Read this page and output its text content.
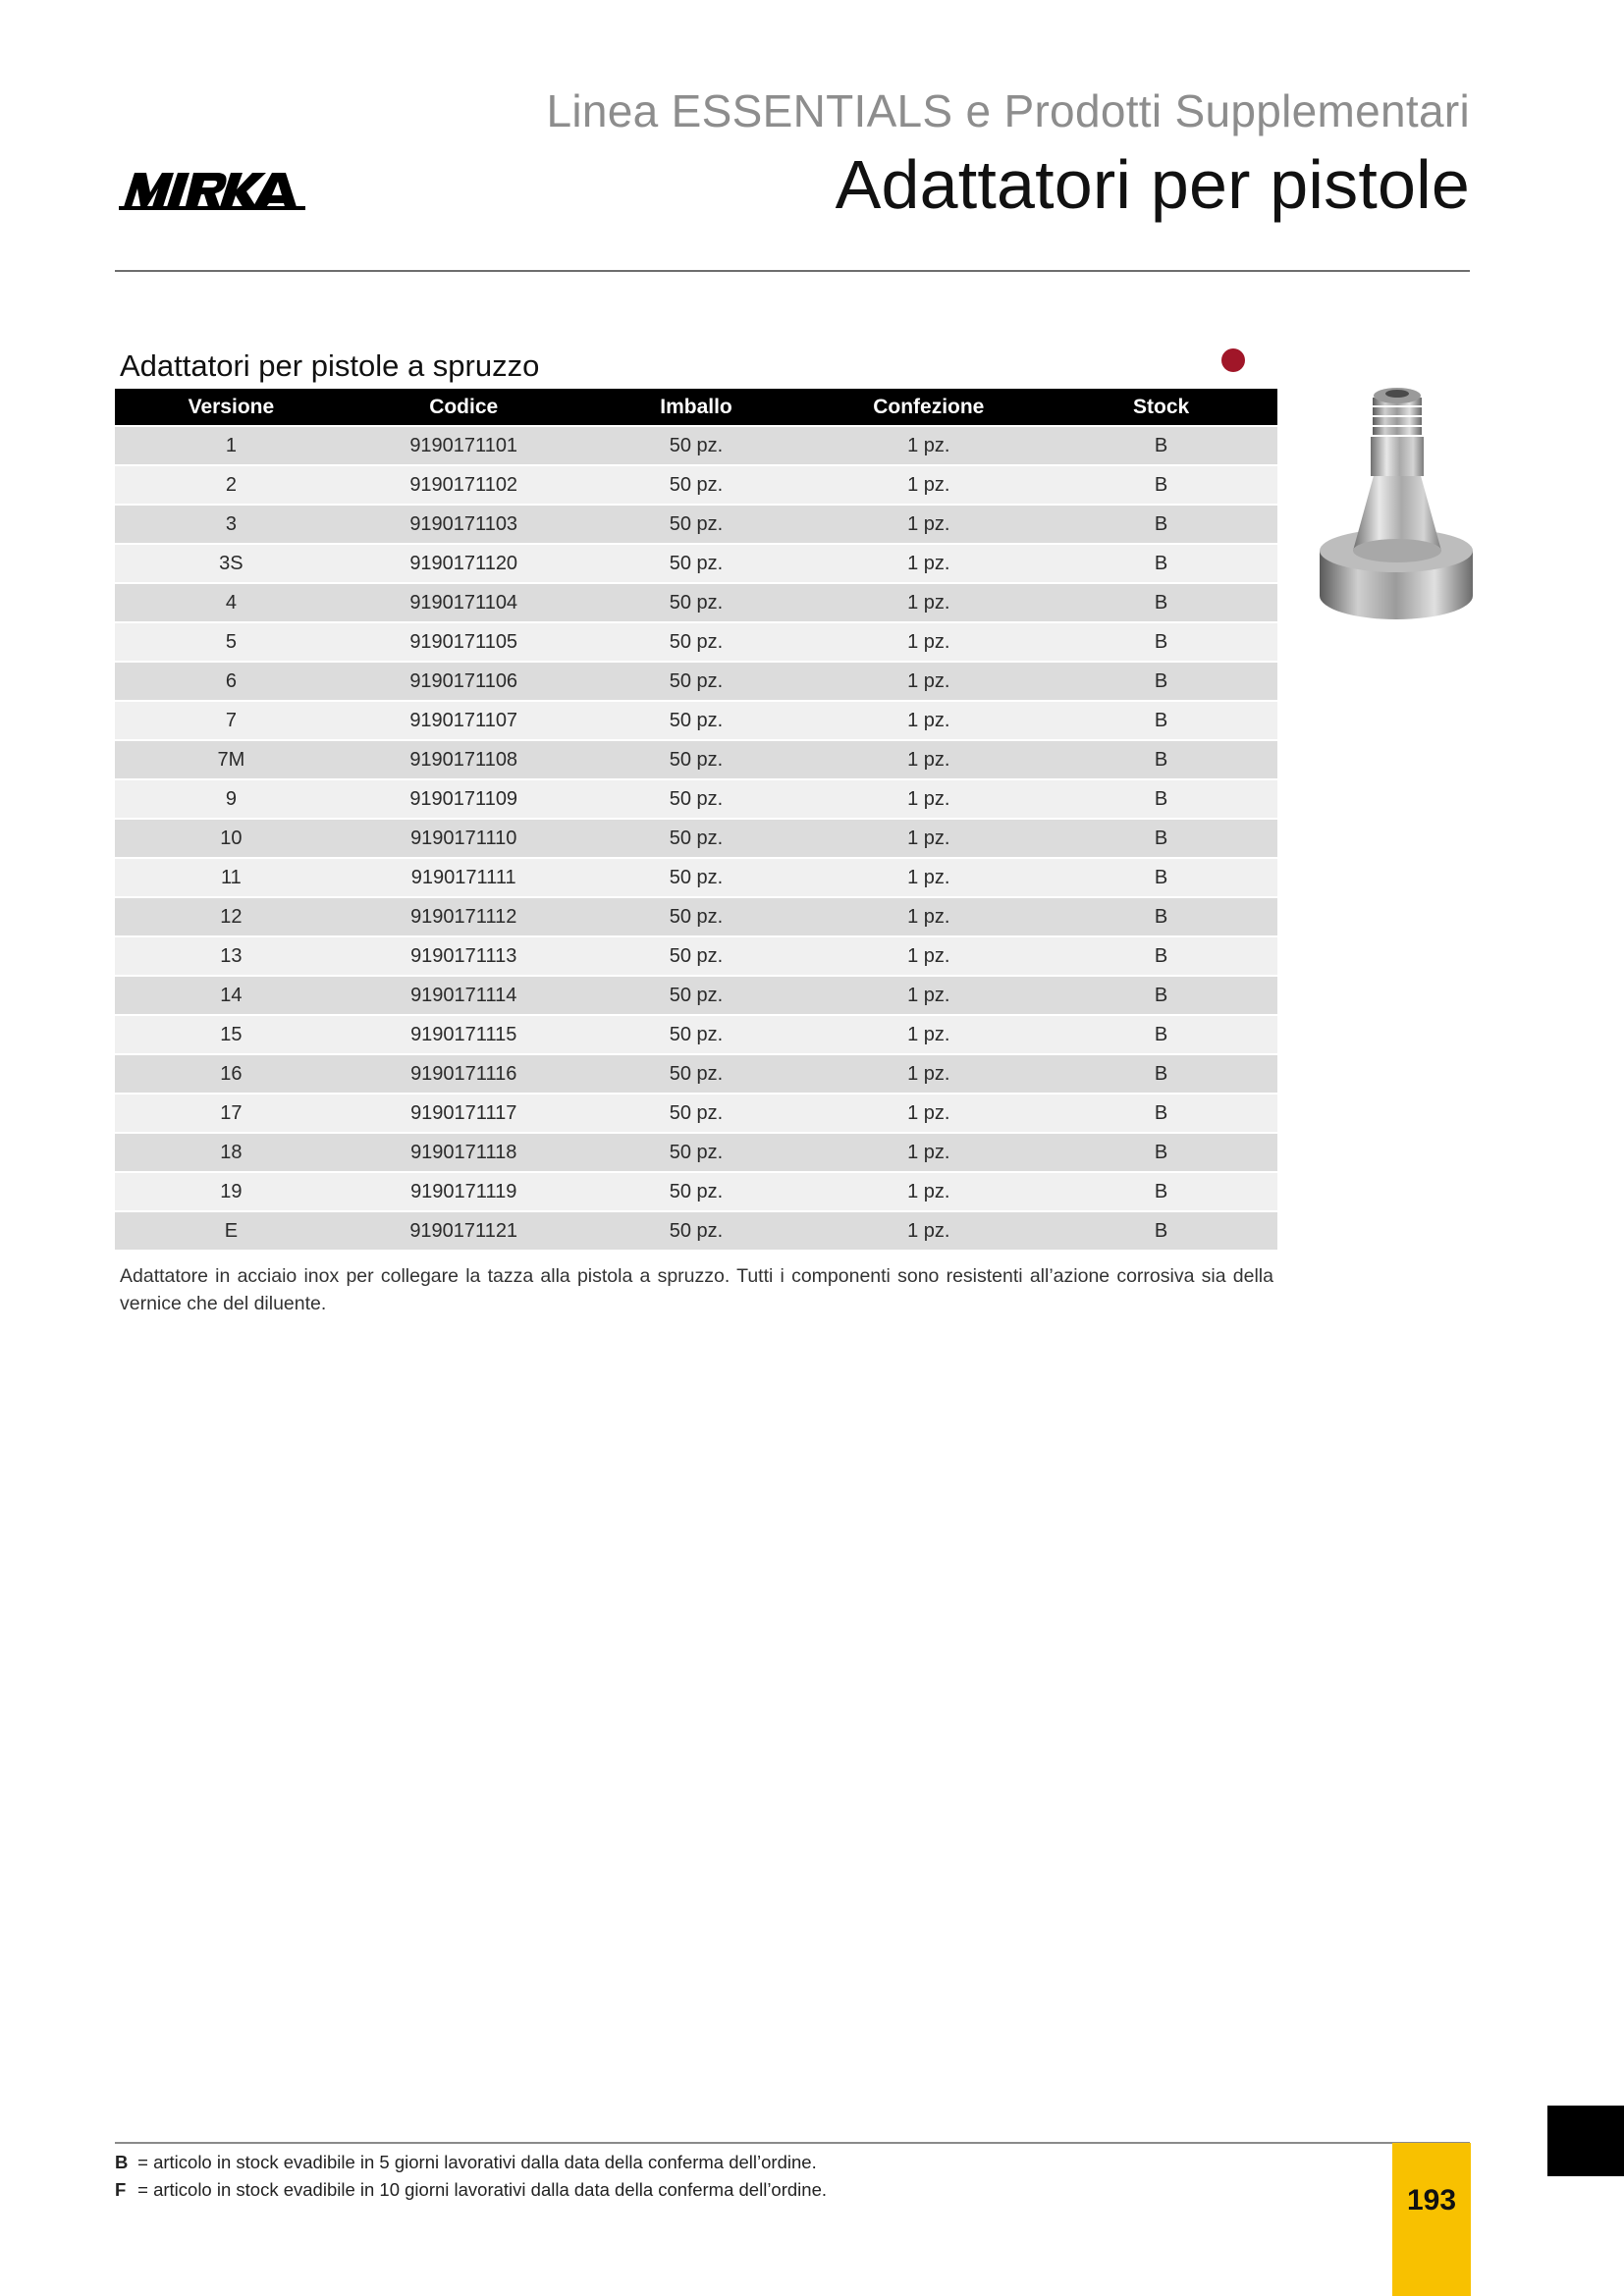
Linea ESSENTIALS e Prodotti Supplementari
Adattatori per pistole
Adattatori per pistole a spruzzo
Versione	Codice	Imballo	Confezione	Stock
1	9190171101	50 pz.	1 pz.	B
2	9190171102	50 pz.	1 pz.	B
3	9190171103	50 pz.	1 pz.	B
3S	9190171120	50 pz.	1 pz.	B
4	9190171104	50 pz.	1 pz.	B
5	9190171105	50 pz.	1 pz.	B
6	9190171106	50 pz.	1 pz.	B
7	9190171107	50 pz.	1 pz.	B
7M	9190171108	50 pz.	1 pz.	B
9	9190171109	50 pz.	1 pz.	B
10	9190171110	50 pz.	1 pz.	B
11	9190171111	50 pz.	1 pz.	B
12	9190171112	50 pz.	1 pz.	B
13	9190171113	50 pz.	1 pz.	B
14	9190171114	50 pz.	1 pz.	B
15	9190171115	50 pz.	1 pz.	B
16	9190171116	50 pz.	1 pz.	B
17	9190171117	50 pz.	1 pz.	B
18	9190171118	50 pz.	1 pz.	B
19	9190171119	50 pz.	1 pz.	B
E	9190171121	50 pz.	1 pz.	B
Adattatore in acciaio inox per collegare la tazza alla pistola a spruzzo. Tutti i componenti sono resistenti all’azione corrosiva sia della vernice che del diluente.
B = articolo in stock evadibile in 5 giorni lavorativi dalla data della conferma dell’ordine.
F = articolo in stock evadibile in 10 giorni lavorativi dalla data della conferma dell’ordine.	193
